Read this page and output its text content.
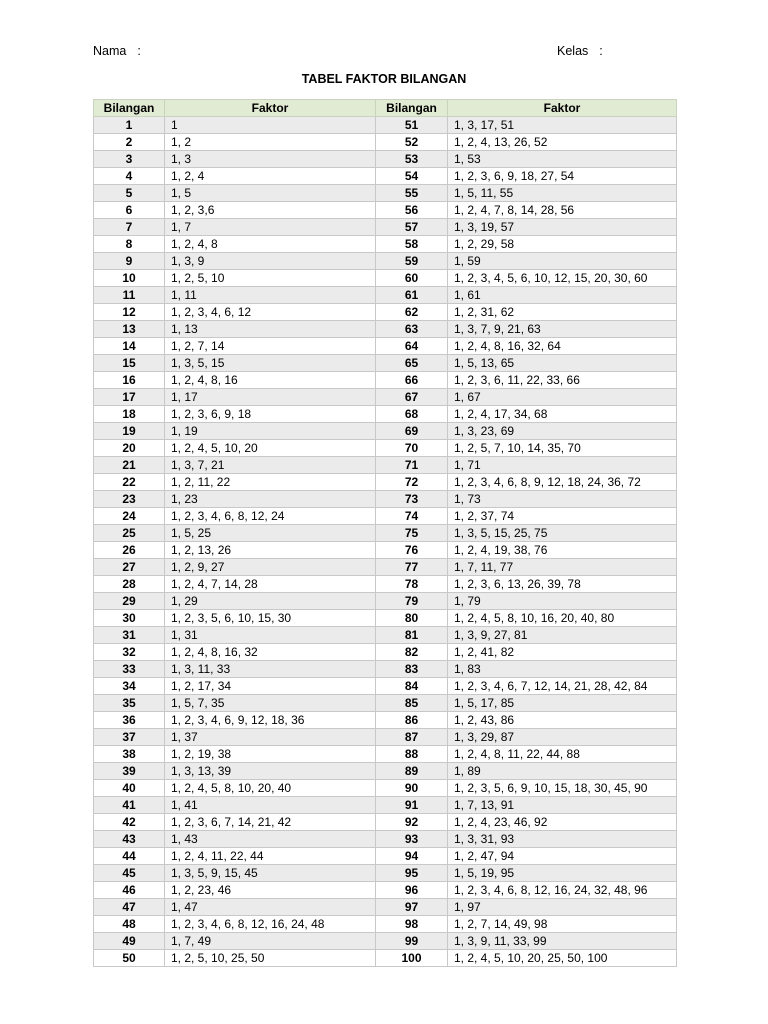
Nama :	Kelas :
TABEL FAKTOR BILANGAN
Bilangan	Faktor	Bilangan	Faktor
1	1	51	1, 3, 17, 51
2	1, 2	52	1, 2, 4, 13, 26, 52
3	1, 3	53	1, 53
4	1, 2, 4	54	1, 2, 3, 6, 9, 18, 27, 54
5	1, 5	55	1, 5, 11, 55
6	1, 2, 3,6	56	1, 2, 4, 7, 8, 14, 28, 56
7	1, 7	57	1, 3, 19, 57
8	1, 2, 4, 8	58	1, 2, 29, 58
9	1, 3, 9	59	1, 59
10	1, 2, 5, 10	60	1, 2, 3, 4, 5, 6, 10, 12, 15, 20, 30, 60
11	1, 11	61	1, 61
12	1, 2, 3, 4, 6, 12	62	1, 2, 31, 62
13	1, 13	63	1, 3, 7, 9, 21, 63
14	1, 2, 7, 14	64	1, 2, 4, 8, 16, 32, 64
15	1, 3, 5, 15	65	1, 5, 13, 65
16	1, 2, 4, 8, 16	66	1, 2, 3, 6, 11, 22, 33, 66
17	1, 17	67	1, 67
18	1, 2, 3, 6, 9, 18	68	1, 2, 4, 17, 34, 68
19	1, 19	69	1, 3, 23, 69
20	1, 2, 4, 5, 10, 20	70	1, 2, 5, 7, 10, 14, 35, 70
21	1, 3, 7, 21	71	1, 71
22	1, 2, 11, 22	72	1, 2, 3, 4, 6, 8, 9, 12, 18, 24, 36, 72
23	1, 23	73	1, 73
24	1, 2, 3, 4, 6, 8, 12, 24	74	1, 2, 37, 74
25	1, 5, 25	75	1, 3, 5, 15, 25, 75
26	1, 2, 13, 26	76	1, 2, 4, 19, 38, 76
27	1, 2, 9, 27	77	1, 7, 11, 77
28	1, 2, 4, 7, 14, 28	78	1, 2, 3, 6, 13, 26, 39, 78
29	1, 29	79	1, 79
30	1, 2, 3, 5, 6, 10, 15, 30	80	1, 2, 4, 5, 8, 10, 16, 20, 40, 80
31	1, 31	81	1, 3, 9, 27, 81
32	1, 2, 4, 8, 16, 32	82	1, 2, 41, 82
33	1, 3, 11, 33	83	1, 83
34	1, 2, 17, 34	84	1, 2, 3, 4, 6, 7, 12, 14, 21, 28, 42, 84
35	1, 5, 7, 35	85	1, 5, 17, 85
36	1, 2, 3, 4, 6, 9, 12, 18, 36	86	1, 2, 43, 86
37	1, 37	87	1, 3, 29, 87
38	1, 2, 19, 38	88	1, 2, 4, 8, 11, 22, 44, 88
39	1, 3, 13, 39	89	1, 89
40	1, 2, 4, 5, 8, 10, 20, 40	90	1, 2, 3, 5, 6, 9, 10, 15, 18, 30, 45, 90
41	1, 41	91	1, 7, 13, 91
42	1, 2, 3, 6, 7, 14, 21, 42	92	1, 2, 4, 23, 46, 92
43	1, 43	93	1, 3, 31, 93
44	1, 2, 4, 11, 22, 44	94	1, 2, 47, 94
45	1, 3, 5, 9, 15, 45	95	1, 5, 19, 95
46	1, 2, 23, 46	96	1, 2, 3, 4, 6, 8, 12, 16, 24, 32, 48, 96
47	1, 47	97	1, 97
48	1, 2, 3, 4, 6, 8, 12, 16, 24, 48	98	1, 2, 7, 14, 49, 98
49	1, 7, 49	99	1, 3, 9, 11, 33, 99
50	1, 2, 5, 10, 25, 50	100	1, 2, 4, 5, 10, 20, 25, 50, 100
